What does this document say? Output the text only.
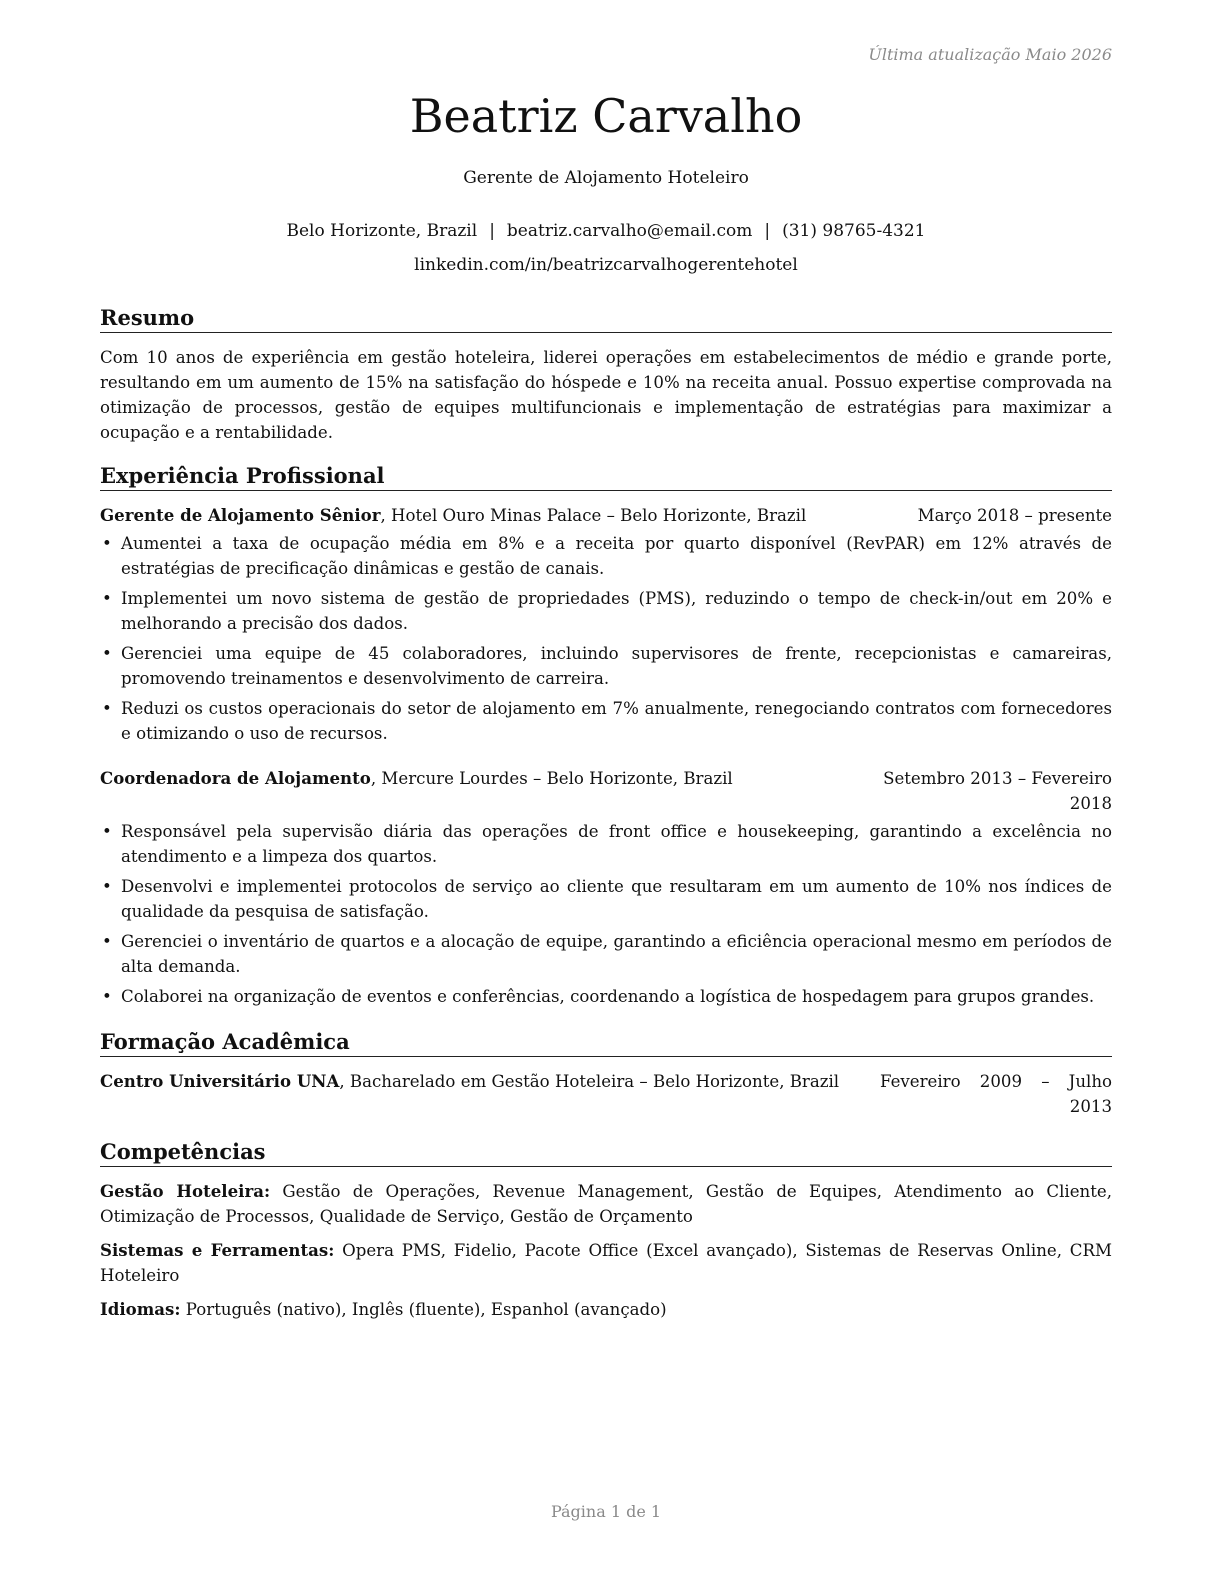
Última atualização Maio 2026
Beatriz Carvalho
Gerente de Alojamento Hoteleiro
Belo Horizonte, Brazil | beatriz.carvalho@email.com | (31) 98765-4321
linkedin.com/in/beatrizcarvalhogerentehotel
Resumo
Com 10 anos de experiência em gestão hoteleira, liderei operações em estabelecimentos de médio e grande porte, resultando em um aumento de 15% na satisfação do hóspede e 10% na receita anual. Possuo expertise comprovada na otimização de processos, gestão de equipes multifuncionais e implementação de estratégias para maximizar a ocupação e a rentabilidade.
Experiência Profissional
Gerente de Alojamento Sênior, Hotel Ouro Minas Palace – Belo Horizonte, Brazil	Março 2018 – presente
• Aumentei a taxa de ocupação média em 8% e a receita por quarto disponível (RevPAR) em 12% através de estratégias de precificação dinâmicas e gestão de canais.
• Implementei um novo sistema de gestão de propriedades (PMS), reduzindo o tempo de check-in/out em 20% e melhorando a precisão dos dados.
• Gerenciei uma equipe de 45 colaboradores, incluindo supervisores de frente, recepcionistas e camareiras, promovendo treinamentos e desenvolvimento de carreira.
• Reduzi os custos operacionais do setor de alojamento em 7% anualmente, renegociando contratos com fornecedores e otimizando o uso de recursos.
Coordenadora de Alojamento, Mercure Lourdes – Belo Horizonte, Brazil	Setembro 2013 – Fevereiro 2018
• Responsável pela supervisão diária das operações de front office e housekeeping, garantindo a excelência no atendimento e a limpeza dos quartos.
• Desenvolvi e implementei protocolos de serviço ao cliente que resultaram em um aumento de 10% nos índices de qualidade da pesquisa de satisfação.
• Gerenciei o inventário de quartos e a alocação de equipe, garantindo a eficiência operacional mesmo em períodos de alta demanda.
• Colaborei na organização de eventos e conferências, coordenando a logística de hospedagem para grupos grandes.
Formação Acadêmica
Centro Universitário UNA, Bacharelado em Gestão Hoteleira – Belo Horizonte, Brazil	Fevereiro 2009 – Julho 2013
Competências
Gestão Hoteleira: Gestão de Operações, Revenue Management, Gestão de Equipes, Atendimento ao Cliente, Otimização de Processos, Qualidade de Serviço, Gestão de Orçamento
Sistemas e Ferramentas: Opera PMS, Fidelio, Pacote Office (Excel avançado), Sistemas de Reservas Online, CRM Hoteleiro
Idiomas: Português (nativo), Inglês (fluente), Espanhol (avançado)
Página 1 de 1
